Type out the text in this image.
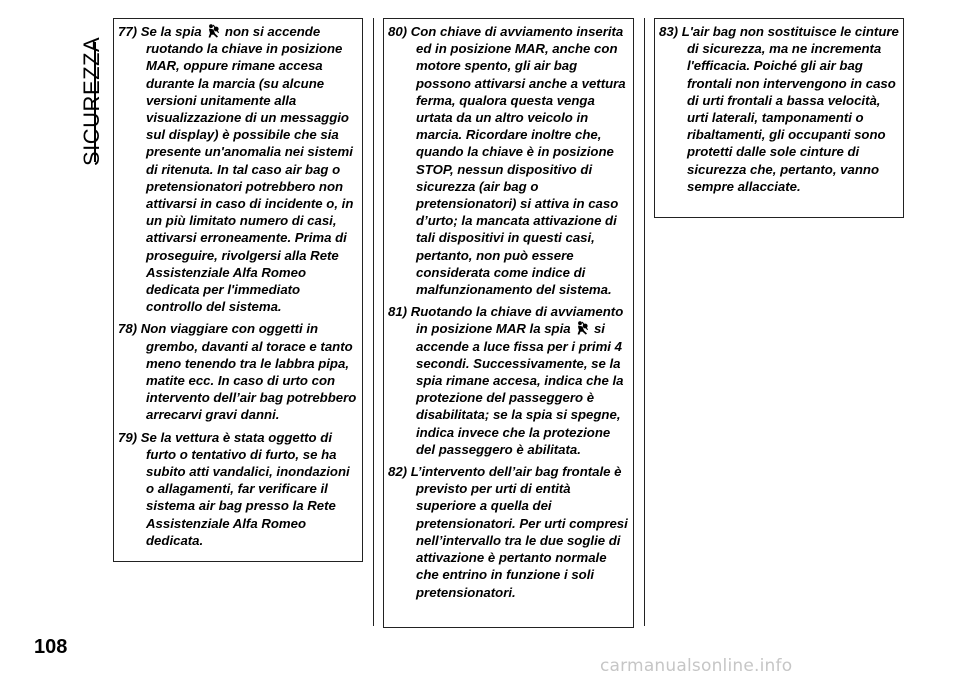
SICUREZZA

77) Se la spia non si accende ruotando la chiave in posizione MAR, oppure rimane accesa durante la marcia (su alcune versioni unitamente alla visualizzazione di un messaggio sul display) è possibile che sia presente un'anomalia nei sistemi di ritenuta. In tal caso air bag o pretensionatori potrebbero non attivarsi in caso di incidente o, in un più limitato numero di casi, attivarsi erroneamente. Prima di proseguire, rivolgersi alla Rete Assistenziale Alfa Romeo dedicata per l'immediato controllo del sistema.

78) Non viaggiare con oggetti in grembo, davanti al torace e tanto meno tenendo tra le labbra pipa, matite ecc. In caso di urto con intervento dell’air bag potrebbero arrecarvi gravi danni.

79) Se la vettura è stata oggetto di furto o tentativo di furto, se ha subito atti vandalici, inondazioni o allagamenti, far verificare il sistema air bag presso la Rete Assistenziale Alfa Romeo dedicata.

80) Con chiave di avviamento inserita ed in posizione MAR, anche con motore spento, gli air bag possono attivarsi anche a vettura ferma, qualora questa venga urtata da un altro veicolo in marcia. Ricordare inoltre che, quando la chiave è in posizione STOP, nessun dispositivo di sicurezza (air bag o pretensionatori) si attiva in caso d’urto; la mancata attivazione di tali dispositivi in questi casi, pertanto, non può essere considerata come indice di malfunzionamento del sistema.

81) Ruotando la chiave di avviamento in posizione MAR la spia si accende a luce fissa per i primi 4 secondi. Successivamente, se la spia rimane accesa, indica che la protezione del passeggero è disabilitata; se la spia si spegne, indica invece che la protezione del passeggero è abilitata.

82) L’intervento dell’air bag frontale è previsto per urti di entità superiore a quella dei pretensionatori. Per urti compresi nell’intervallo tra le due soglie di attivazione è pertanto normale che entrino in funzione i soli pretensionatori.

83) L'air bag non sostituisce le cinture di sicurezza, ma ne incrementa l'efficacia. Poiché gli air bag frontali non intervengono in caso di urti frontali a bassa velocità, urti laterali, tamponamenti o ribaltamenti, gli occupanti sono protetti dalle sole cinture di sicurezza che, pertanto, vanno sempre allacciate.

108
carmanualsonline.info
